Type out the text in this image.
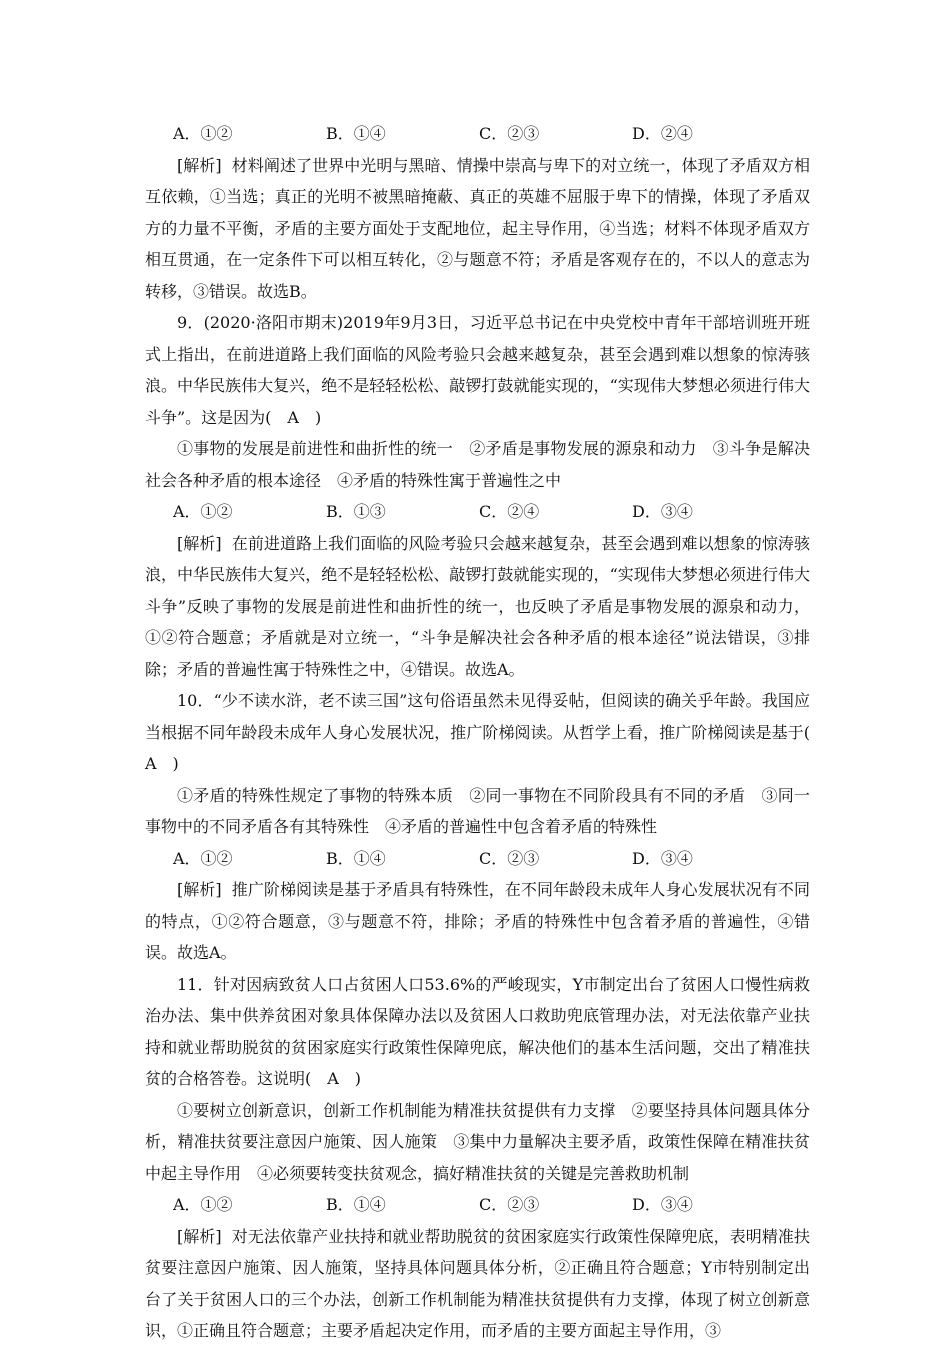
A．①②	B．①④	C．②③	D．②④

[解析] 材料阐述了世界中光明与黑暗、情操中崇高与卑下的对立统一，体现了矛盾双方相互依赖，①当选；真正的光明不被黑暗掩蔽、真正的英雄不屈服于卑下的情操，体现了矛盾双方的力量不平衡，矛盾的主要方面处于支配地位，起主导作用，④当选；材料不体现矛盾双方相互贯通，在一定条件下可以相互转化，②与题意不符；矛盾是客观存在的，不以人的意志为转移，③错误。故选B。

9．(2020·洛阳市期末)2019年9月3日，习近平总书记在中央党校中青年干部培训班开班式上指出，在前进道路上我们面临的风险考验只会越来越复杂，甚至会遇到难以想象的惊涛骇浪。中华民族伟大复兴，绝不是轻轻松松、敲锣打鼓就能实现的，“实现伟大梦想必须进行伟大斗争”。这是因为(　A　)

①事物的发展是前进性和曲折性的统一　②矛盾是事物发展的源泉和动力　③斗争是解决社会各种矛盾的根本途径　④矛盾的特殊性寓于普遍性之中

A．①②	B．①③	C．②④	D．③④

[解析] 在前进道路上我们面临的风险考验只会越来越复杂，甚至会遇到难以想象的惊涛骇浪，中华民族伟大复兴，绝不是轻轻松松、敲锣打鼓就能实现的，“实现伟大梦想必须进行伟大斗争”反映了事物的发展是前进性和曲折性的统一，也反映了矛盾是事物发展的源泉和动力，①②符合题意；矛盾就是对立统一，“斗争是解决社会各种矛盾的根本途径”说法错误，③排除；矛盾的普遍性寓于特殊性之中，④错误。故选A。

10．“少不读水浒，老不读三国”这句俗语虽然未见得妥帖，但阅读的确关乎年龄。我国应当根据不同年龄段未成年人身心发展状况，推广阶梯阅读。从哲学上看，推广阶梯阅读是基于(　A　)

①矛盾的特殊性规定了事物的特殊本质　②同一事物在不同阶段具有不同的矛盾　③同一事物中的不同矛盾各有其特殊性　④矛盾的普遍性中包含着矛盾的特殊性

A．①②	B．①④	C．②③	D．③④

[解析] 推广阶梯阅读是基于矛盾具有特殊性，在不同年龄段未成年人身心发展状况有不同的特点，①②符合题意，③与题意不符，排除；矛盾的特殊性中包含着矛盾的普遍性，④错误。故选A。

11．针对因病致贫人口占贫困人口53.6%的严峻现实，Y市制定出台了贫困人口慢性病救治办法、集中供养贫困对象具体保障办法以及贫困人口救助兜底管理办法，对无法依靠产业扶持和就业帮助脱贫的贫困家庭实行政策性保障兜底，解决他们的基本生活问题，交出了精准扶贫的合格答卷。这说明(　A　)

①要树立创新意识，创新工作机制能为精准扶贫提供有力支撑　②要坚持具体问题具体分析，精准扶贫要注意因户施策、因人施策　③集中力量解决主要矛盾，政策性保障在精准扶贫中起主导作用　④必须要转变扶贫观念，搞好精准扶贫的关键是完善救助机制

A．①②	B．①④	C．②③	D．③④

[解析] 对无法依靠产业扶持和就业帮助脱贫的贫困家庭实行政策性保障兜底，表明精准扶贫要注意因户施策、因人施策，坚持具体问题具体分析，②正确且符合题意；Y市特别制定出台了关于贫困人口的三个办法，创新工作机制能为精准扶贫提供有力支撑，体现了树立创新意识，①正确且符合题意；主要矛盾起决定作用，而矛盾的主要方面起主导作用，③
